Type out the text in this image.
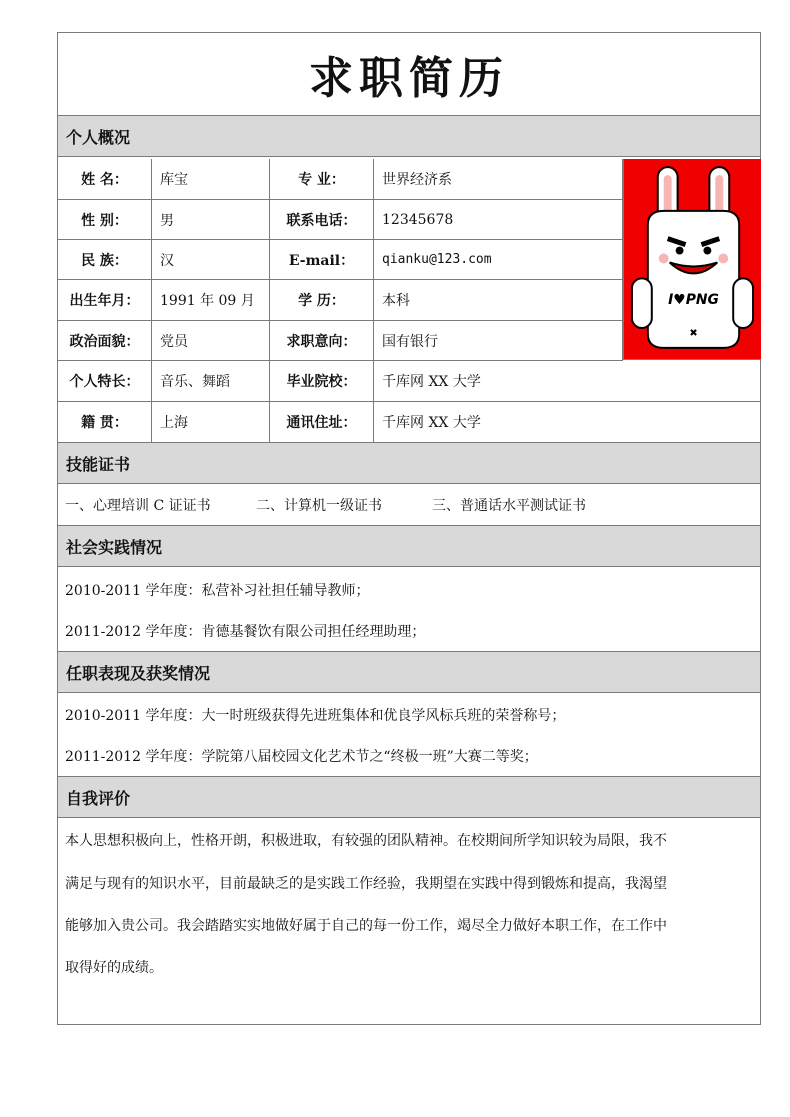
求职简历
个人概况
姓 名：	库宝	专 业：	世界经济系
性 别：	男	联系电话：	12345678
民 族：	汉	E-mail：	qianku@123.com
出生年月：	1991 年 09 月	学 历：	本科
政治面貌：	党员	求职意向：	国有银行
个人特长：	音乐、舞蹈	毕业院校：	千库网 XX 大学
籍 贯：	上海	通讯住址：	千库网 XX 大学
I♥PNG
✖
技能证书
一、心理培训 C 证证书	二、计算机一级证书	三、普通话水平测试证书
社会实践情况
2010-2011 学年度：私营补习社担任辅导教师；
2011-2012 学年度：肯德基餐饮有限公司担任经理助理；
任职表现及获奖情况
2010-2011 学年度：大一时班级获得先进班集体和优良学风标兵班的荣誉称号；
2011-2012 学年度：学院第八届校园文化艺术节之“终极一班”大赛二等奖；
自我评价
本人思想积极向上，性格开朗，积极进取，有较强的团队精神。在校期间所学知识较为局限，我不
满足与现有的知识水平，目前最缺乏的是实践工作经验，我期望在实践中得到锻炼和提高，我渴望
能够加入贵公司。我会踏踏实实地做好属于自己的每一份工作，竭尽全力做好本职工作，在工作中
取得好的成绩。
